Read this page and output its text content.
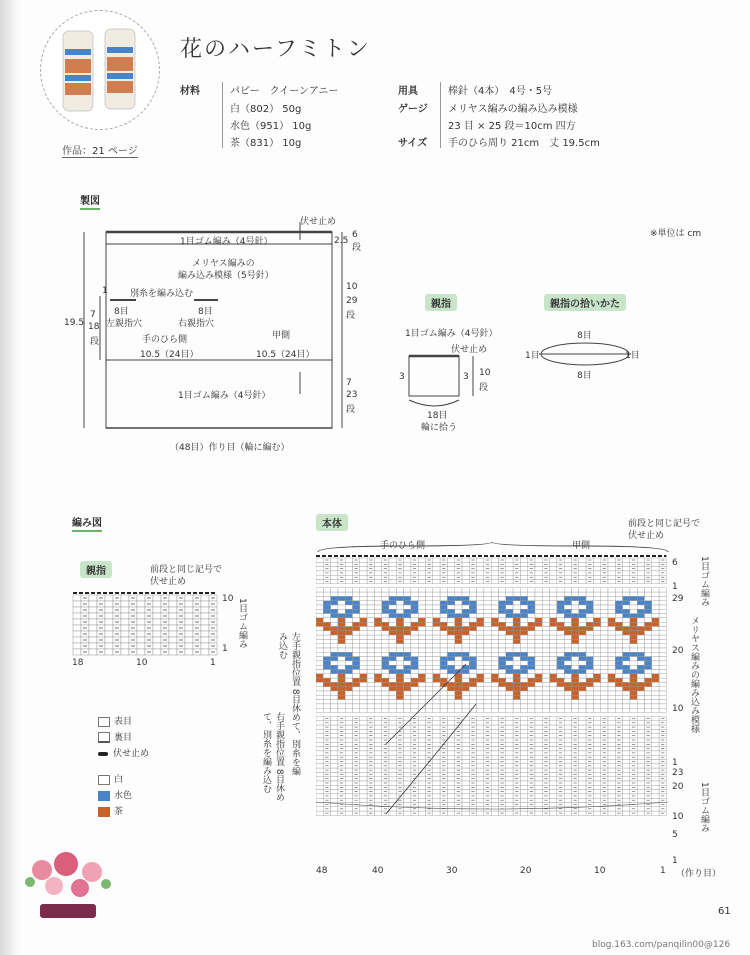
作品：21 ページ
花のハーフミトン
材料	パピー　クイーンアニー
白（802） 50g
水色（951） 10g
茶（831） 10g
用具	棒針（4本）　4号・5号
ゲージ メリヤス編みの編み込み模様
23 目 × 25 段＝10cm 四方
サイズ 手のひら周り 21cm　丈 19.5cm
製図
※単位は cm
親指	親指の拾いかた
編み図	本体
親指
伏せ止め
1目ゴム編み（4号針）
メリヤス編みの
編み込み模様（5号針）
別糸を編み込む
8目	8目
左親指穴	右親指穴
手のひら側	甲側
10.5（24目）	10.5（24目）
1目ゴム編み（4号針）
（48目）作り目（輪に編む）
2.5
6
段
10
29
段
7
23
段
19.5
1
7
18
段
1目ゴム編み（4号針）
伏せ止め
3	3 10
段
18目
輪に拾う
8目
8目
1目	1目
前段と同じ記号で
伏せ止め
10
1
1目ゴム編み
18	10	1
表目
裏目
伏せ止め
白
水色
茶
手のひら側	甲側
前段と同じ記号で
伏せ止め
6
1
29
20
10
1
23
20
10
5
1
1目ゴム編み
メリヤス編みの編み込み模様
1目ゴム編み
（作り目）
48	40	30	20	10	1
左手親指位置 8目休めて、別糸を編み込む
右手親指位置 8目休めて、別糸を編み込む
61
blog.163.com/panqilin00@126
